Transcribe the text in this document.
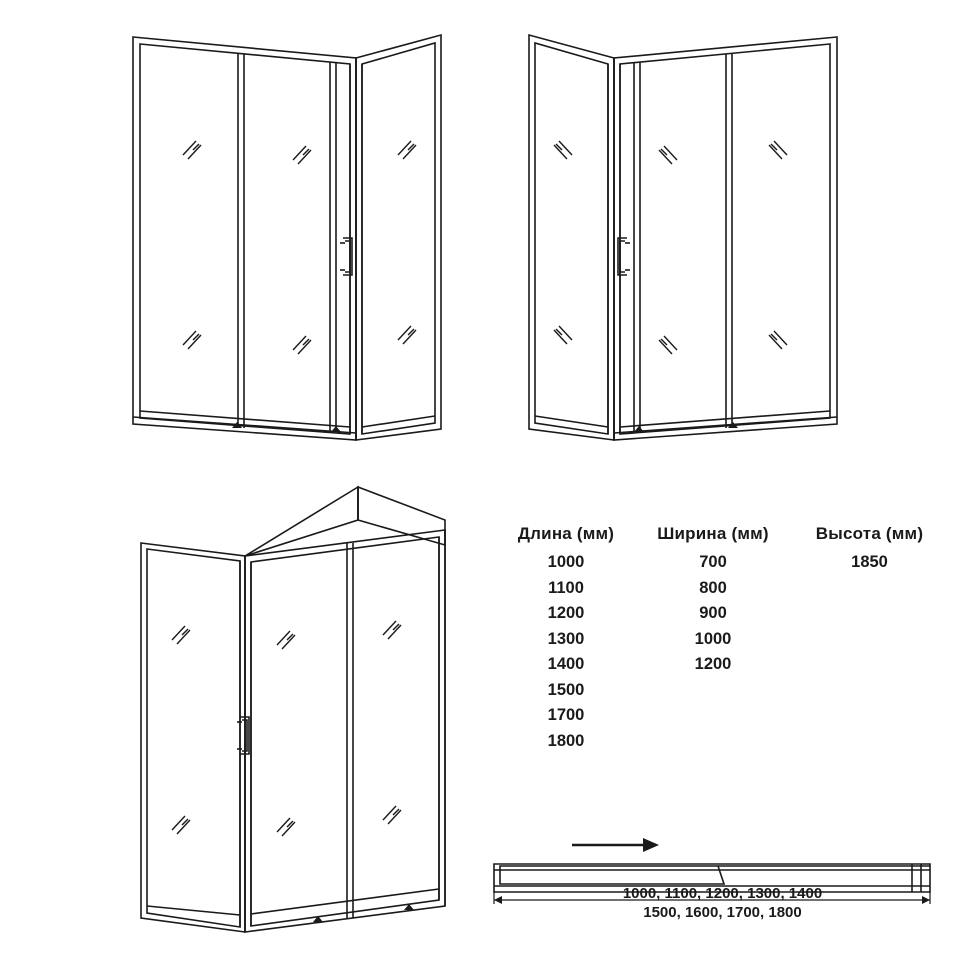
Длина (мм)	Ширина (мм)	Высота (мм)
1000
1100
1200
1300
1400
1500
1700
1800
700
800
900
1000
1200
1850
1000, 1100, 1200, 1300, 1400
1500, 1600, 1700, 1800
